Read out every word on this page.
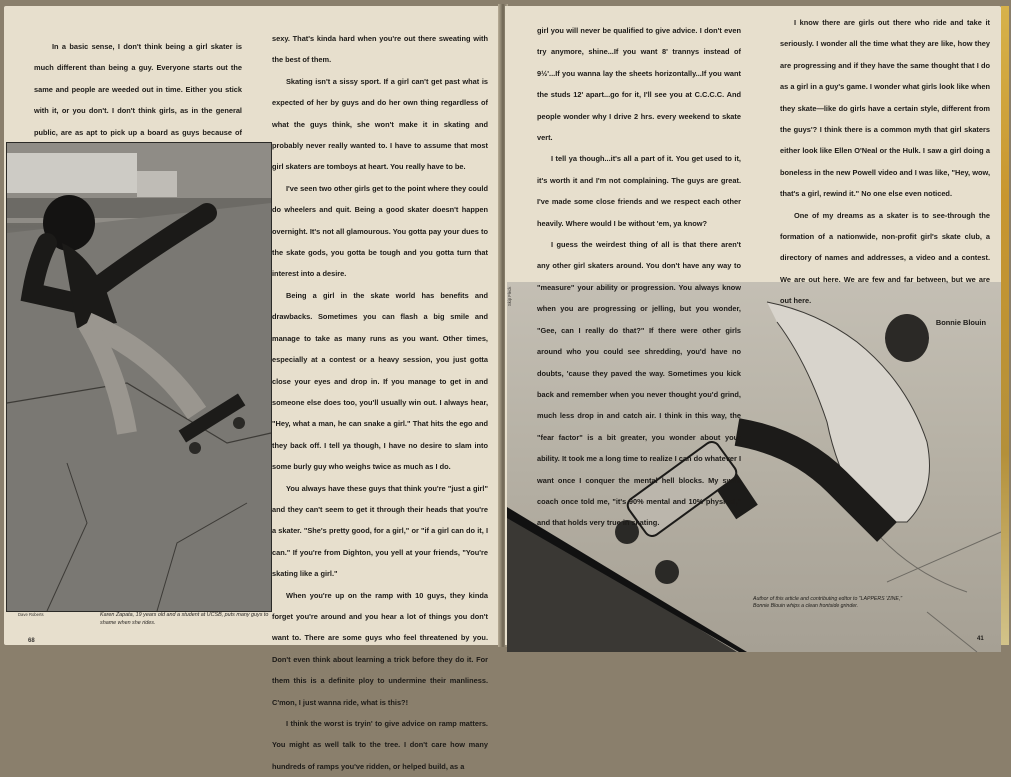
In a basic sense, I don't think being a girl skater is much different than being a guy. Everyone starts out the same and people are weeded out in time. Either you stick with it, or you don't. I don't think girls, as in the general public, are as apt to pick up a board as guys because of

sexy. That's kinda hard when you're out there sweating with the best of them.

Skating isn't a sissy sport. If a girl can't get past what is expected of her by guys and do her own thing regardless of what the guys think, she won't make it in skating and probably never really wanted to. I have to assume that most girl skaters are tomboys at heart. You really have to be.

I've seen two other girls get to the point where they could do wheelers and quit. Being a good skater doesn't happen overnight. It's not all glamourous. You gotta pay your dues to the skate gods, you gotta be tough and you gotta turn that interest into a desire.

Being a girl in the skate world has benefits and drawbacks. Sometimes you can flash a big smile and manage to take as many runs as you want. Other times, especially at a contest or a heavy session, you just gotta close your eyes and drop in. If you manage to get in and someone else does too, you'll usually win out. I always hear, "Hey, what a man, he can snake a girl." That hits the ego and they back off. I tell ya though, I have no desire to slam into some burly guy who weighs twice as much as I do.

You always have these guys that think you're "just a girl" and they can't seem to get it through their heads that you're a skater. "She's pretty good, for a girl," or "if a girl can do it, I can." If you're from Dighton, you yell at your friends, "You're skating like a girl."

When you're up on the ramp with 10 guys, they kinda forget you're around and you hear a lot of things you don't want to. There are some guys who feel threatened by you. Don't even think about learning a trick before they do it. For them this is a definite ploy to undermine their manliness. C'mon, I just wanna ride, what is this?!

I think the worst is tryin' to give advice on ramp matters. You might as well talk to the tree. I don't care how many hundreds of ramps you've ridden, or helped build, as a

Dave Roberts	Karen Zapata, 19 years old and a student at UCSB, puts many guys to shame when she rides.
68

girl you will never be qualified to give advice. I don't even try anymore, shine...If you want 8' trannys instead of 9½'...If you wanna lay the sheets horizontally...If you want the studs 12' apart...go for it, I'll see you at C.C.C.C. And people wonder why I drive 2 hrs. every weekend to skate vert.

I tell ya though...it's all a part of it. You get used to it, it's worth it and I'm not complaining. The guys are great. I've made some close friends and we respect each other heavily. Where would I be without 'em, ya know?

I guess the weirdest thing of all is that there aren't any other girl skaters around. You don't have any way to "measure" your ability or progression. You always know when you are progressing or jelling, but you wonder, "Gee, can I really do that?" If there were other girls around who you could see shredding, you'd have no doubts, 'cause they paved the way. Sometimes you kick back and remember when you never thought you'd grind, much less drop in and catch air. I think in this way, the "fear factor" is a bit greater, you wonder about your ability. It took me a long time to realize I can do whatever I want once I conquer the mental hell blocks. My swim coach once told me, "it's 90% mental and 10% physical," and that holds very true in skating.

I know there are girls out there who ride and take it seriously. I wonder all the time what they are like, how they are progressing and if they have the same thought that I do as a girl in a guy's game. I wonder what girls look like when they skate—like do girls have a certain style, different from the guys'? I think there is a common myth that girl skaters either look like Ellen O'Neal or the Hulk. I saw a girl doing a boneless in the new Powell video and I was like, "Hey, wow, that's a girl, rewind it." No one else even noticed.

One of my dreams as a skater is to see-through the formation of a nationwide, non-profit girl's skate club, a directory of names and addresses, a video and a contest. We are out here. We are few and far between, but we are out here.

Bonnie Blouin

Skip Fleck
Author of this article and contributing editor to "LAPPERS 'ZINE," Bonnie Blouin whips a clean frontside grinder.
41
